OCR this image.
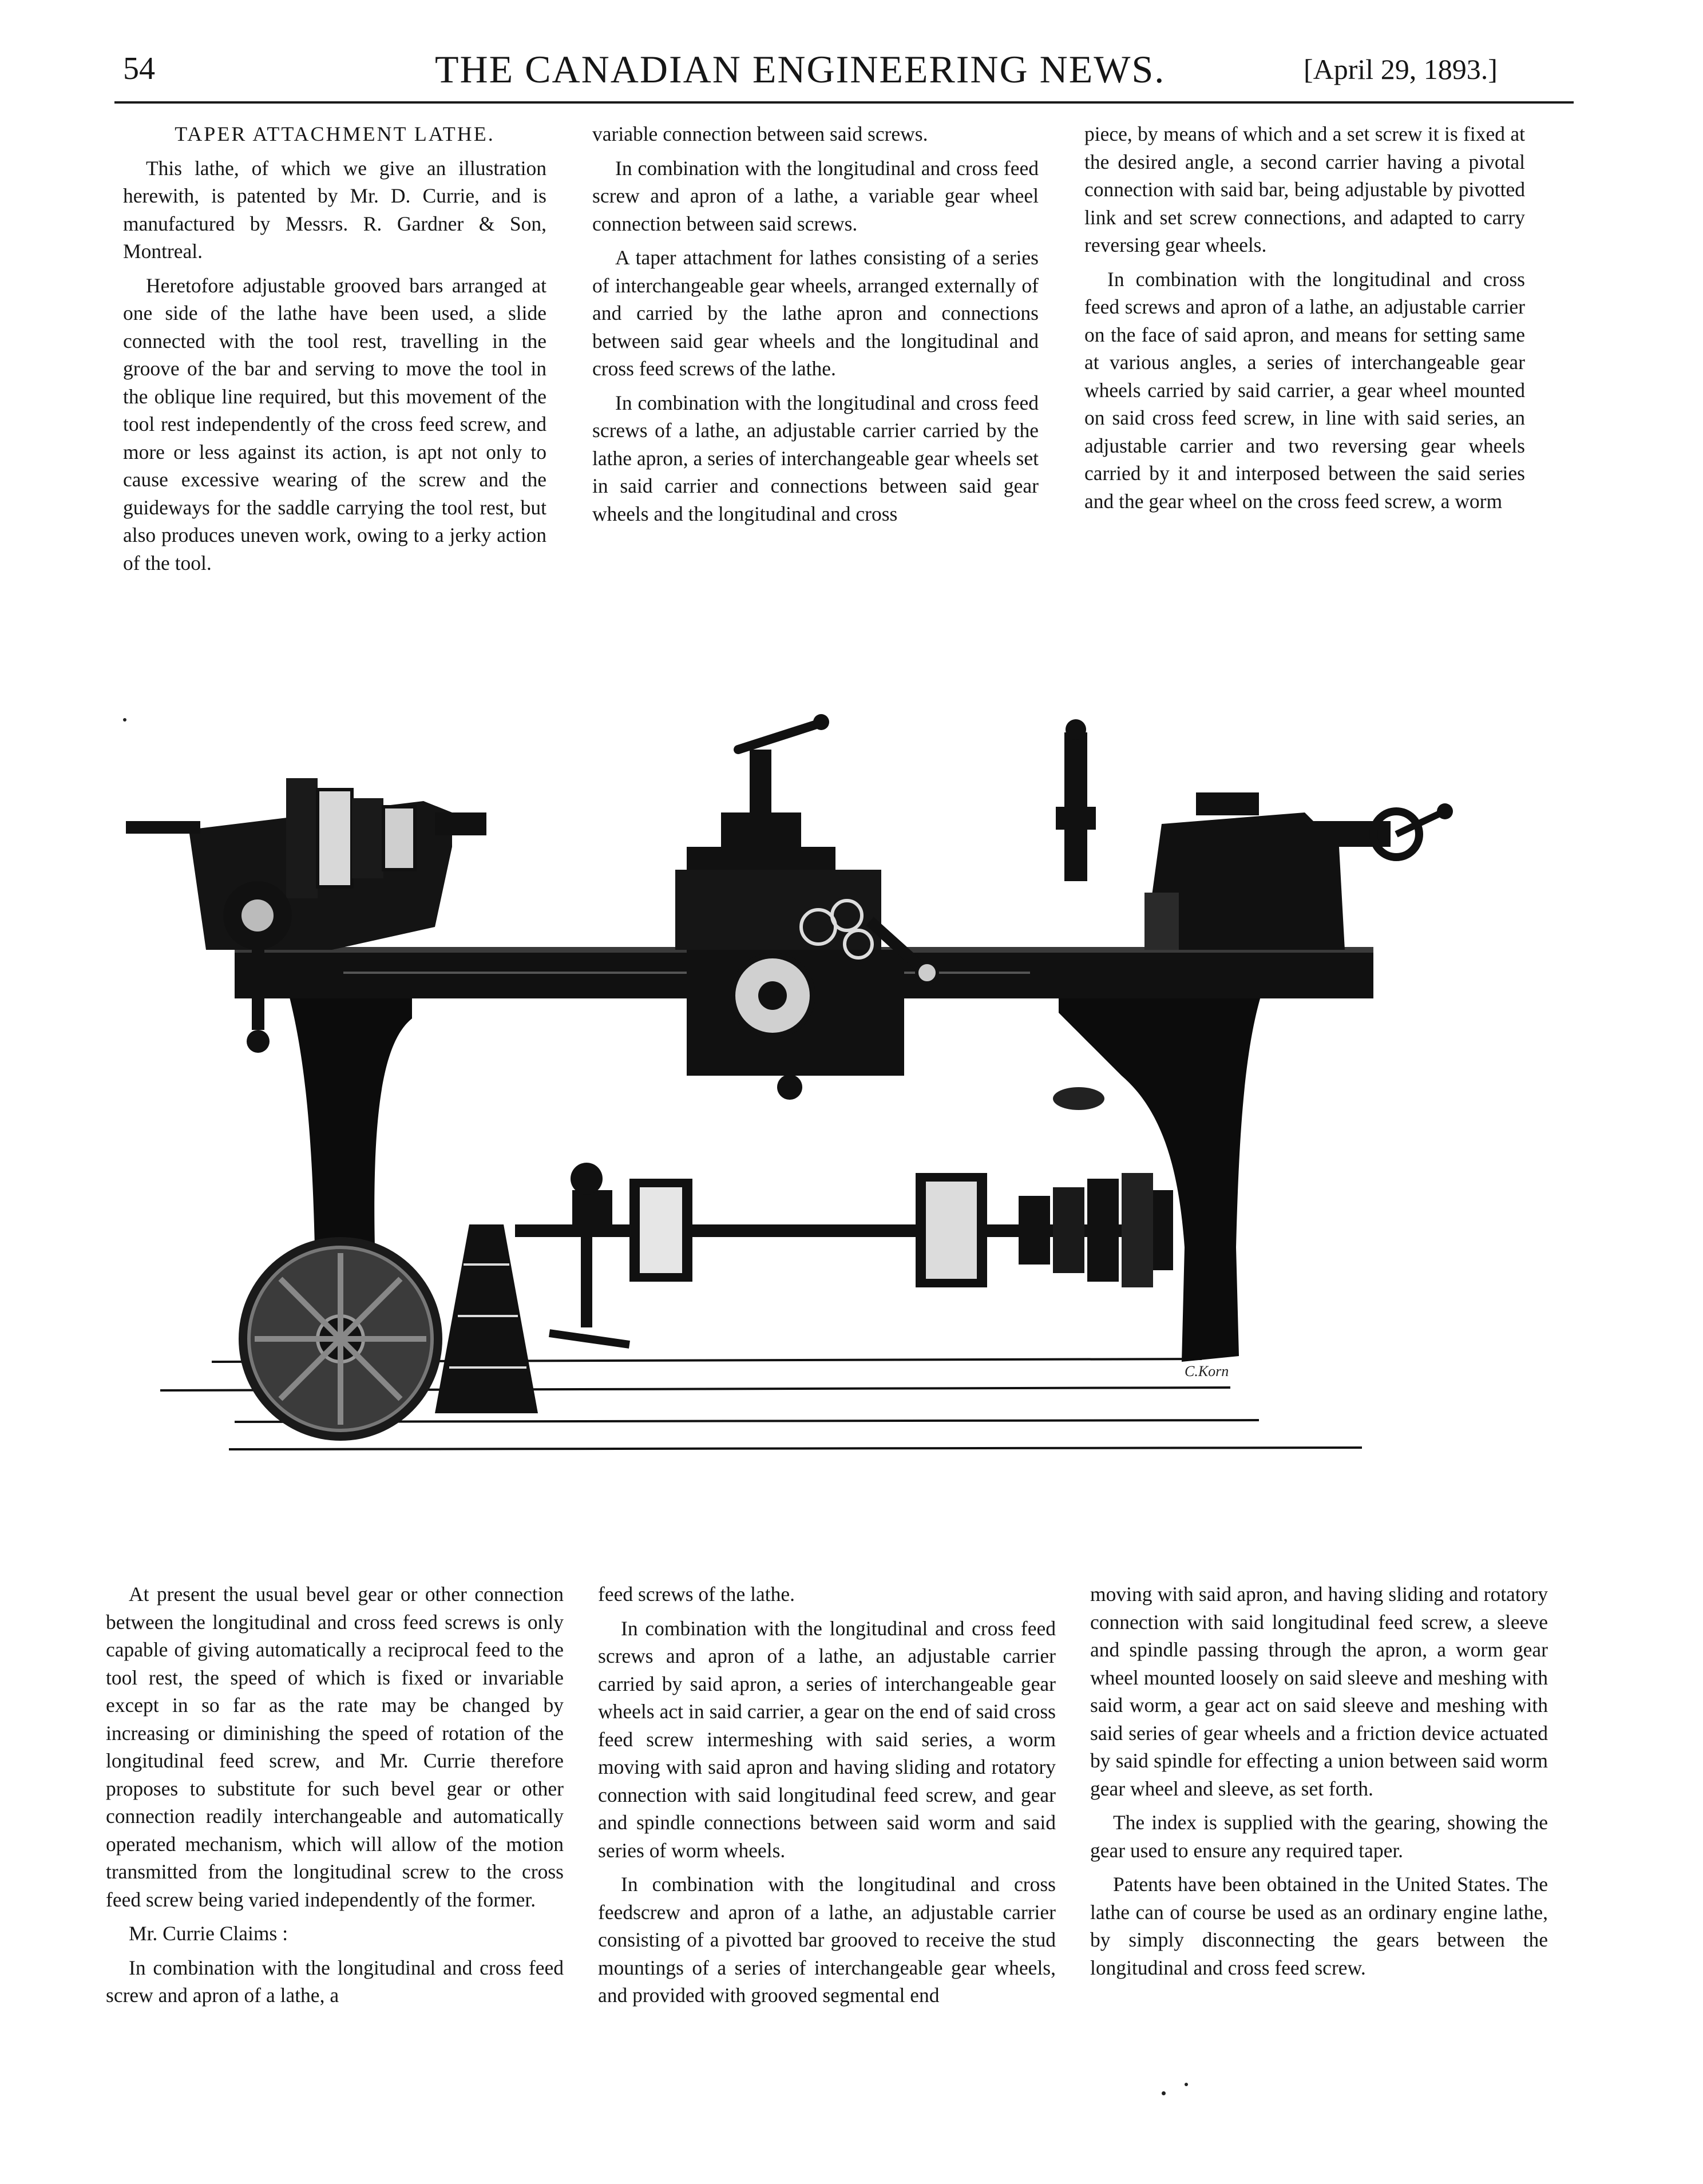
54	THE CANADIAN ENGINEERING NEWS.	[April 29, 1893.]

TAPER ATTACHMENT LATHE.

This lathe, of which we give an illustration herewith, is patented by Mr. D. Currie, and is manufactured by Messrs. R. Gardner & Son, Montreal.

Heretofore adjustable grooved bars arranged at one side of the lathe have been used, a slide connected with the tool rest, travelling in the groove of the bar and serving to move the tool in the oblique line required, but this movement of the tool rest independently of the cross feed screw, and more or less against its action, is apt not only to cause excessive wearing of the screw and the guideways for the saddle carrying the tool rest, but also produces uneven work, owing to a jerky action of the tool.

variable connection between said screws.

In combination with the longitudinal and cross feed screw and apron of a lathe, a variable gear wheel connection between said screws.

A taper attachment for lathes consisting of a series of interchangeable gear wheels, arranged externally of and carried by the lathe apron and connections between said gear wheels and the longitudinal and cross feed screws of the lathe.

In combination with the longitudinal and cross feed screws of a lathe, an adjustable carrier carried by the lathe apron, a series of interchangeable gear wheels set in said carrier and connections between said gear wheels and the longitudinal and cross

piece, by means of which and a set screw it is fixed at the desired angle, a second carrier having a pivotal connection with said bar, being adjustable by pivotted link and set screw connections, and adapted to carry reversing gear wheels.

In combination with the longitudinal and cross feed screws and apron of a lathe, an adjustable carrier on the face of said apron, and means for setting same at various angles, a series of interchangeable gear wheels carried by said carrier, a gear wheel mounted on said cross feed screw, in line with said series, an adjustable carrier and two reversing gear wheels carried by it and interposed between the said series and the gear wheel on the cross feed screw, a worm

C.Korn

At present the usual bevel gear or other connection between the longitudinal and cross feed screws is only capable of giving automatically a reciprocal feed to the tool rest, the speed of which is fixed or invariable except in so far as the rate may be changed by increasing or diminishing the speed of rotation of the longitudinal feed screw, and Mr. Currie therefore proposes to substitute for such bevel gear or other connection readily interchangeable and automatically operated mechanism, which will allow of the motion transmitted from the longitudinal screw to the cross feed screw being varied independently of the former.

Mr. Currie Claims :

In combination with the longitudinal and cross feed screw and apron of a lathe, a

feed screws of the lathe.

In combination with the longitudinal and cross feed screws and apron of a lathe, an adjustable carrier carried by said apron, a series of interchangeable gear wheels act in said carrier, a gear on the end of said cross feed screw intermeshing with said series, a worm moving with said apron and having sliding and rotatory connection with said longitudinal feed screw, and gear and spindle connections between said worm and said series of worm wheels.

In combination with the longitudinal and cross feedscrew and apron of a lathe, an adjustable carrier consisting of a pivotted bar grooved to receive the stud mountings of a series of interchangeable gear wheels, and provided with grooved segmental end

moving with said apron, and having sliding and rotatory connection with said longitudinal feed screw, a sleeve and spindle passing through the apron, a worm gear wheel mounted loosely on said sleeve and meshing with said worm, a gear act on said sleeve and meshing with said series of gear wheels and a friction device actuated by said spindle for effecting a union between said worm gear wheel and sleeve, as set forth.

The index is supplied with the gearing, showing the gear used to ensure any required taper.

Patents have been obtained in the United States. The lathe can of course be used as an ordinary engine lathe, by simply disconnecting the gears between the longitudinal and cross feed screw.
